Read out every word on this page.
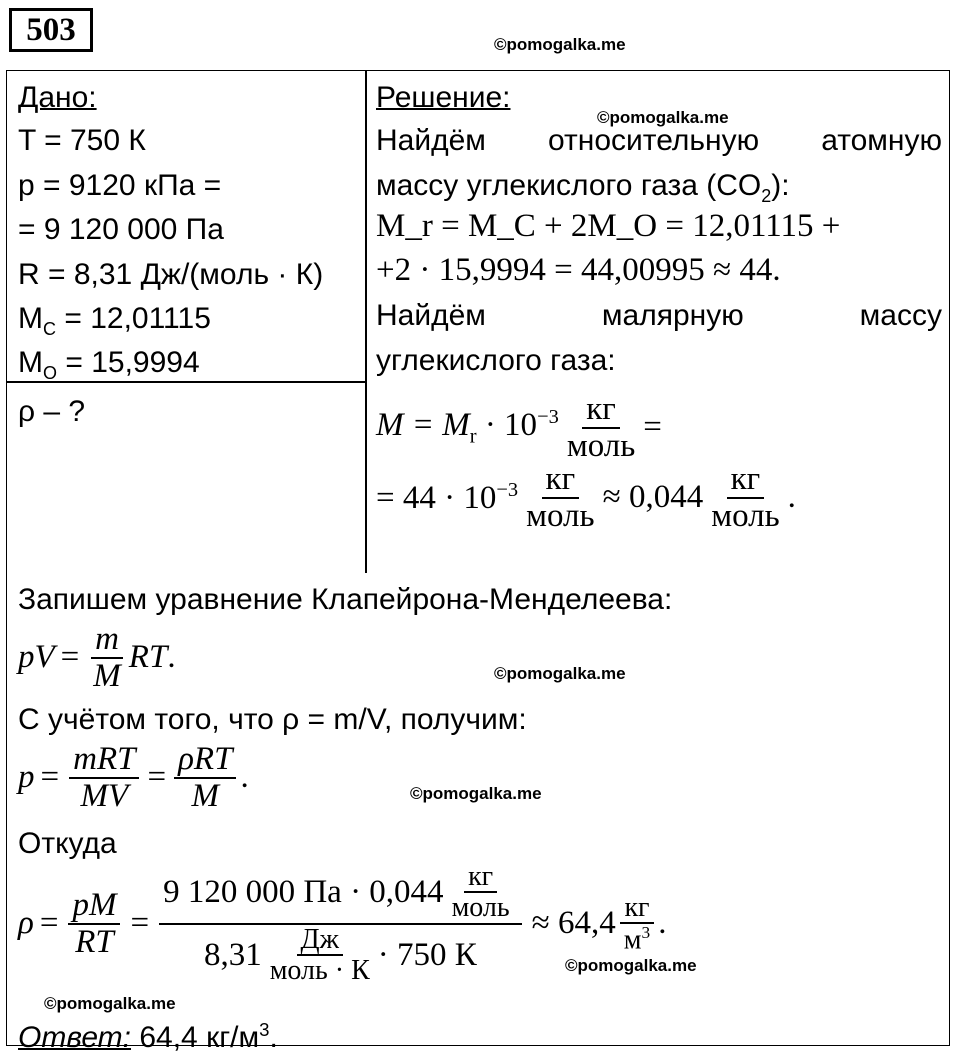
503	©pomogalka.me
Дано:
T = 750 К
p = 9120 кПа =
= 9 120 000 Па
R = 8,31 Дж/(моль · К)
$M_C = 12,01115$
$M_O = 15,9994$
ρ – ?
Решение:
©pomogalka.me
Найдём относительную атомную
массу углекислого газа $(CO_2)$:
M_r = M_C + 2M_O = 12,01115 +
+2 · 15,9994 = 44,00995 ≈ 44.
Найдём	малярную	массу
углекислого газа:
$M = M_r \cdot 10^{-3} \frac{кг}{\text{моль}}$ =
= $44 \cdot 10^{-3} \frac{кг}{\text{моль}} \approx 0,044 \frac{кг}{\text{моль}}$ .
Запишем уравнение Клапейрона-Менделеева:
pV = $\frac{m}{M}$ RT .	©pomogalka.me
С учётом того, что ρ = m/V, получим:
$p = \frac{\text{mRT}}{MV} = \frac{\text{ρRT}}{M}$ .	©pomogalka.me
Откуда
$\rho = \frac{pM}{RT} = \frac{9 120 000 Па \cdot 0,044 \frac{кг}{\text{моль}}}{8,31 \frac{Дж}{\text{моль · К}} \cdot 750 К} \approx 64,4 \frac{кг}{м^3}$ .
©pomogalka.me
©pomogalka.me
Ответ: 64,4 $кг/м^3$.
